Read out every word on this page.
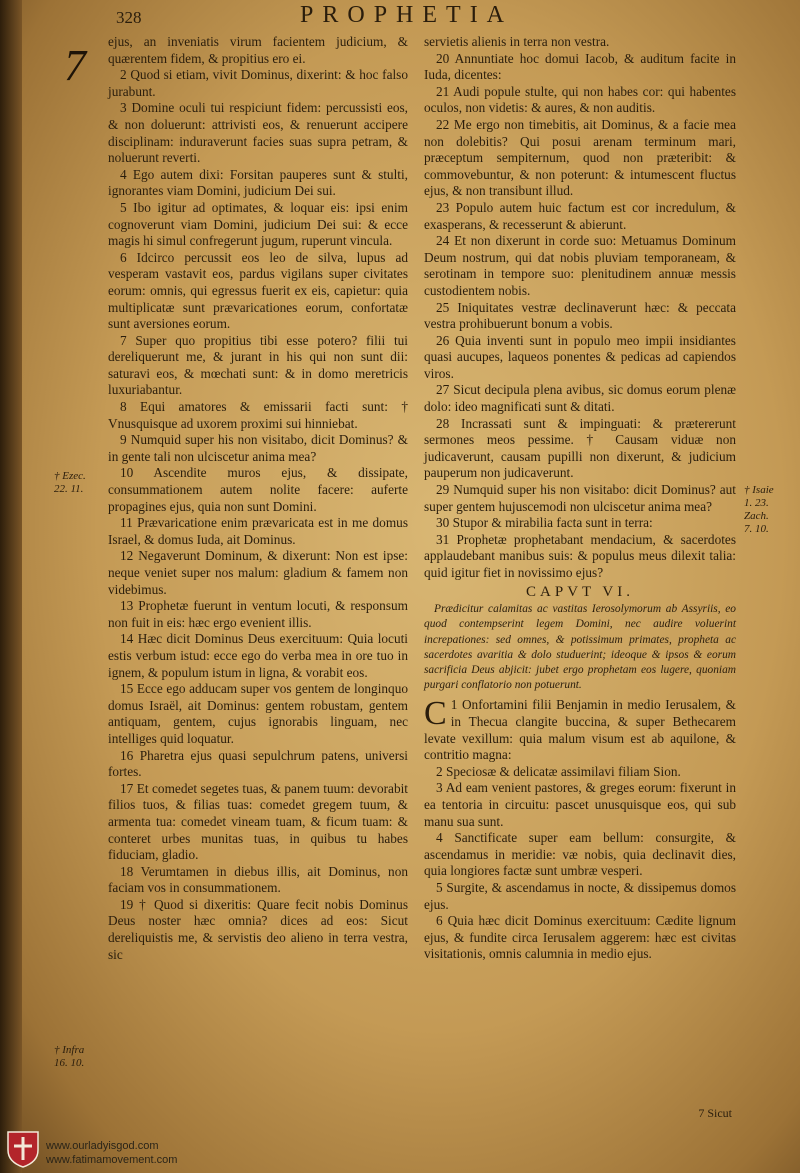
328	PROPHETIA
7 ejus, an inveniatis virum facientem judicium, & quærentem fidem, & propitius ero ei.

2 Quod si etiam, vivit Dominus, dixerint: & hoc falso jurabunt.

3 Domine oculi tui respiciunt fidem: percussisti eos, & non doluerunt: attrivisti eos, & renuerunt accipere disciplinam: induraverunt facies suas supra petram, & noluerunt reverti.

4 Ego autem dixi: Forsitan pauperes sunt & stulti, ignorantes viam Domini, judicium Dei sui.

5 Ibo igitur ad optimates, & loquar eis: ipsi enim cognoverunt viam Domini, judicium Dei sui: & ecce magis hi simul confregerunt jugum, ruperunt vincula.

6 Idcirco percussit eos leo de silva, lupus ad vesperam vastavit eos, pardus vigilans super civitates eorum: omnis, qui egressus fuerit ex eis, capietur: quia multiplicatæ sunt prævaricationes eorum, confortatæ sunt aversiones eorum.

7 Super quo propitius tibi esse potero? filii tui dereliquerunt me, & jurant in his qui non sunt dii: saturavi eos, & mœchati sunt: & in domo meretricis luxuriabantur.

8 Equi amatores & emissarii facti sunt: † Vnusquisque ad uxorem proximi sui hinniebat.

9 Numquid super his non visitabo, dicit Dominus? & in gente tali non ulciscetur anima mea?

10 Ascendite muros ejus, & dissipate, consummationem autem nolite facere: auferte propagines ejus, quia non sunt Domini.

11 Prævaricatione enim prævaricata est in me domus Israel, & domus Iuda, ait Dominus.

12 Negaverunt Dominum, & dixerunt: Non est ipse: neque veniet super nos malum: gladium & famem non videbimus.

13 Prophetæ fuerunt in ventum locuti, & responsum non fuit in eis: hæc ergo evenient illis.

14 Hæc dicit Dominus Deus exercituum: Quia locuti estis verbum istud: ecce ego do verba mea in ore tuo in ignem, & populum istum in ligna, & vorabit eos.

15 Ecce ego adducam super vos gentem de longinquo domus Israël, ait Dominus: gentem robustam, gentem antiquam, gentem, cujus ignorabis linguam, nec intelliges quid loquatur.

16 Pharetra ejus quasi sepulchrum patens, universi fortes.

17 Et comedet segetes tuas, & panem tuum: devorabit filios tuos, & filias tuas: comedet gregem tuum, & armenta tua: comedet vineam tuam, & ficum tuam: & conteret urbes munitas tuas, in quibus tu habes fiduciam, gladio.

18 Verumtamen in diebus illis, ait Dominus, non faciam vos in consummationem.

19 † Quod si dixeritis: Quare fecit nobis Dominus Deus noster hæc omnia? dices ad eos: Sicut dereliquistis me, & servistis deo alieno in terra vestra, sic

servietis alienis in terra non vestra.

20 Annuntiate hoc domui Iacob, & auditum facite in Iuda, dicentes:

21 Audi popule stulte, qui non habes cor: qui habentes oculos, non videtis: & aures, & non auditis.

22 Me ergo non timebitis, ait Dominus, & a facie mea non dolebitis? Qui posui arenam terminum mari, præceptum sempiternum, quod non præteribit: & commovebuntur, & non poterunt: & intumescent fluctus ejus, & non transibunt illud.

23 Populo autem huic factum est cor incredulum, & exasperans, & recesserunt & abierunt.

24 Et non dixerunt in corde suo: Metuamus Dominum Deum nostrum, qui dat nobis pluviam temporaneam, & serotinam in tempore suo: plenitudinem annuæ messis custodientem nobis.

25 Iniquitates vestræ declinaverunt hæc: & peccata vestra prohibuerunt bonum a vobis.

26 Quia inventi sunt in populo meo impii insidiantes quasi aucupes, laqueos ponentes & pedicas ad capiendos viros.

27 Sicut decipula plena avibus, sic domus eorum plenæ dolo: ideo magnificati sunt & ditati.

28 Incrassati sunt & impinguati: & prætererunt sermones meos pessime. † Causam viduæ non judicaverunt, causam pupilli non dixerunt, & judicium pauperum non judicaverunt.

29 Numquid super his non visitabo: dicit Dominus? aut super gentem hujuscemodi non ulciscetur anima mea?

30 Stupor & mirabilia facta sunt in terra:

31 Prophetæ prophetabant mendacium, & sacerdotes applaudebant manibus suis: & populus meus dilexit talia: quid igitur fiet in novissimo ejus?

CAPVT VI.
Prædicitur calamitas ac vastitas Ierosolymorum ab Assyriis, eo quod contempserint legem Domini, nec audire voluerint increpationes: sed omnes, & potissimum primates, propheta ac sacerdotes avaritia & dolo studuerint; ideoque & ipsos & eorum sacrificia Deus abjicit: jubet ergo prophetam eos lugere, quoniam purgari conflatorio non potuerunt.
C 1 Onfortamini filii Benjamin in medio Ierusalem, & in Thecua clangite buccina, & super Bethecarem levate vexillum: quia malum visum est ab aquilone, & contritio magna:

2 Speciosæ & delicatæ assimilavi filiam Sion.

3 Ad eam venient pastores, & greges eorum: fixerunt in ea tentoria in circuitu: pascet unusquisque eos, qui sub manu sua sunt.

4 Sanctificate super eam bellum: consurgite, & ascendamus in meridie: væ nobis, quia declinavit dies, quia longiores factæ sunt umbræ vesperi.

5 Surgite, & ascendamus in nocte, & dissipemus domos ejus.

6 Quia hæc dicit Dominus exercituum: Cædite lignum ejus, & fundite circa Ierusalem aggerem: hæc est civitas visitationis, omnis calumnia in medio ejus.

† Ezec.
22. 11.	† Isaie
1. 23.
Zach.
7. 10.
† Infra
16. 10.
7 Sicut
www.ourladyisgod.com
www.fatimamovement.com
